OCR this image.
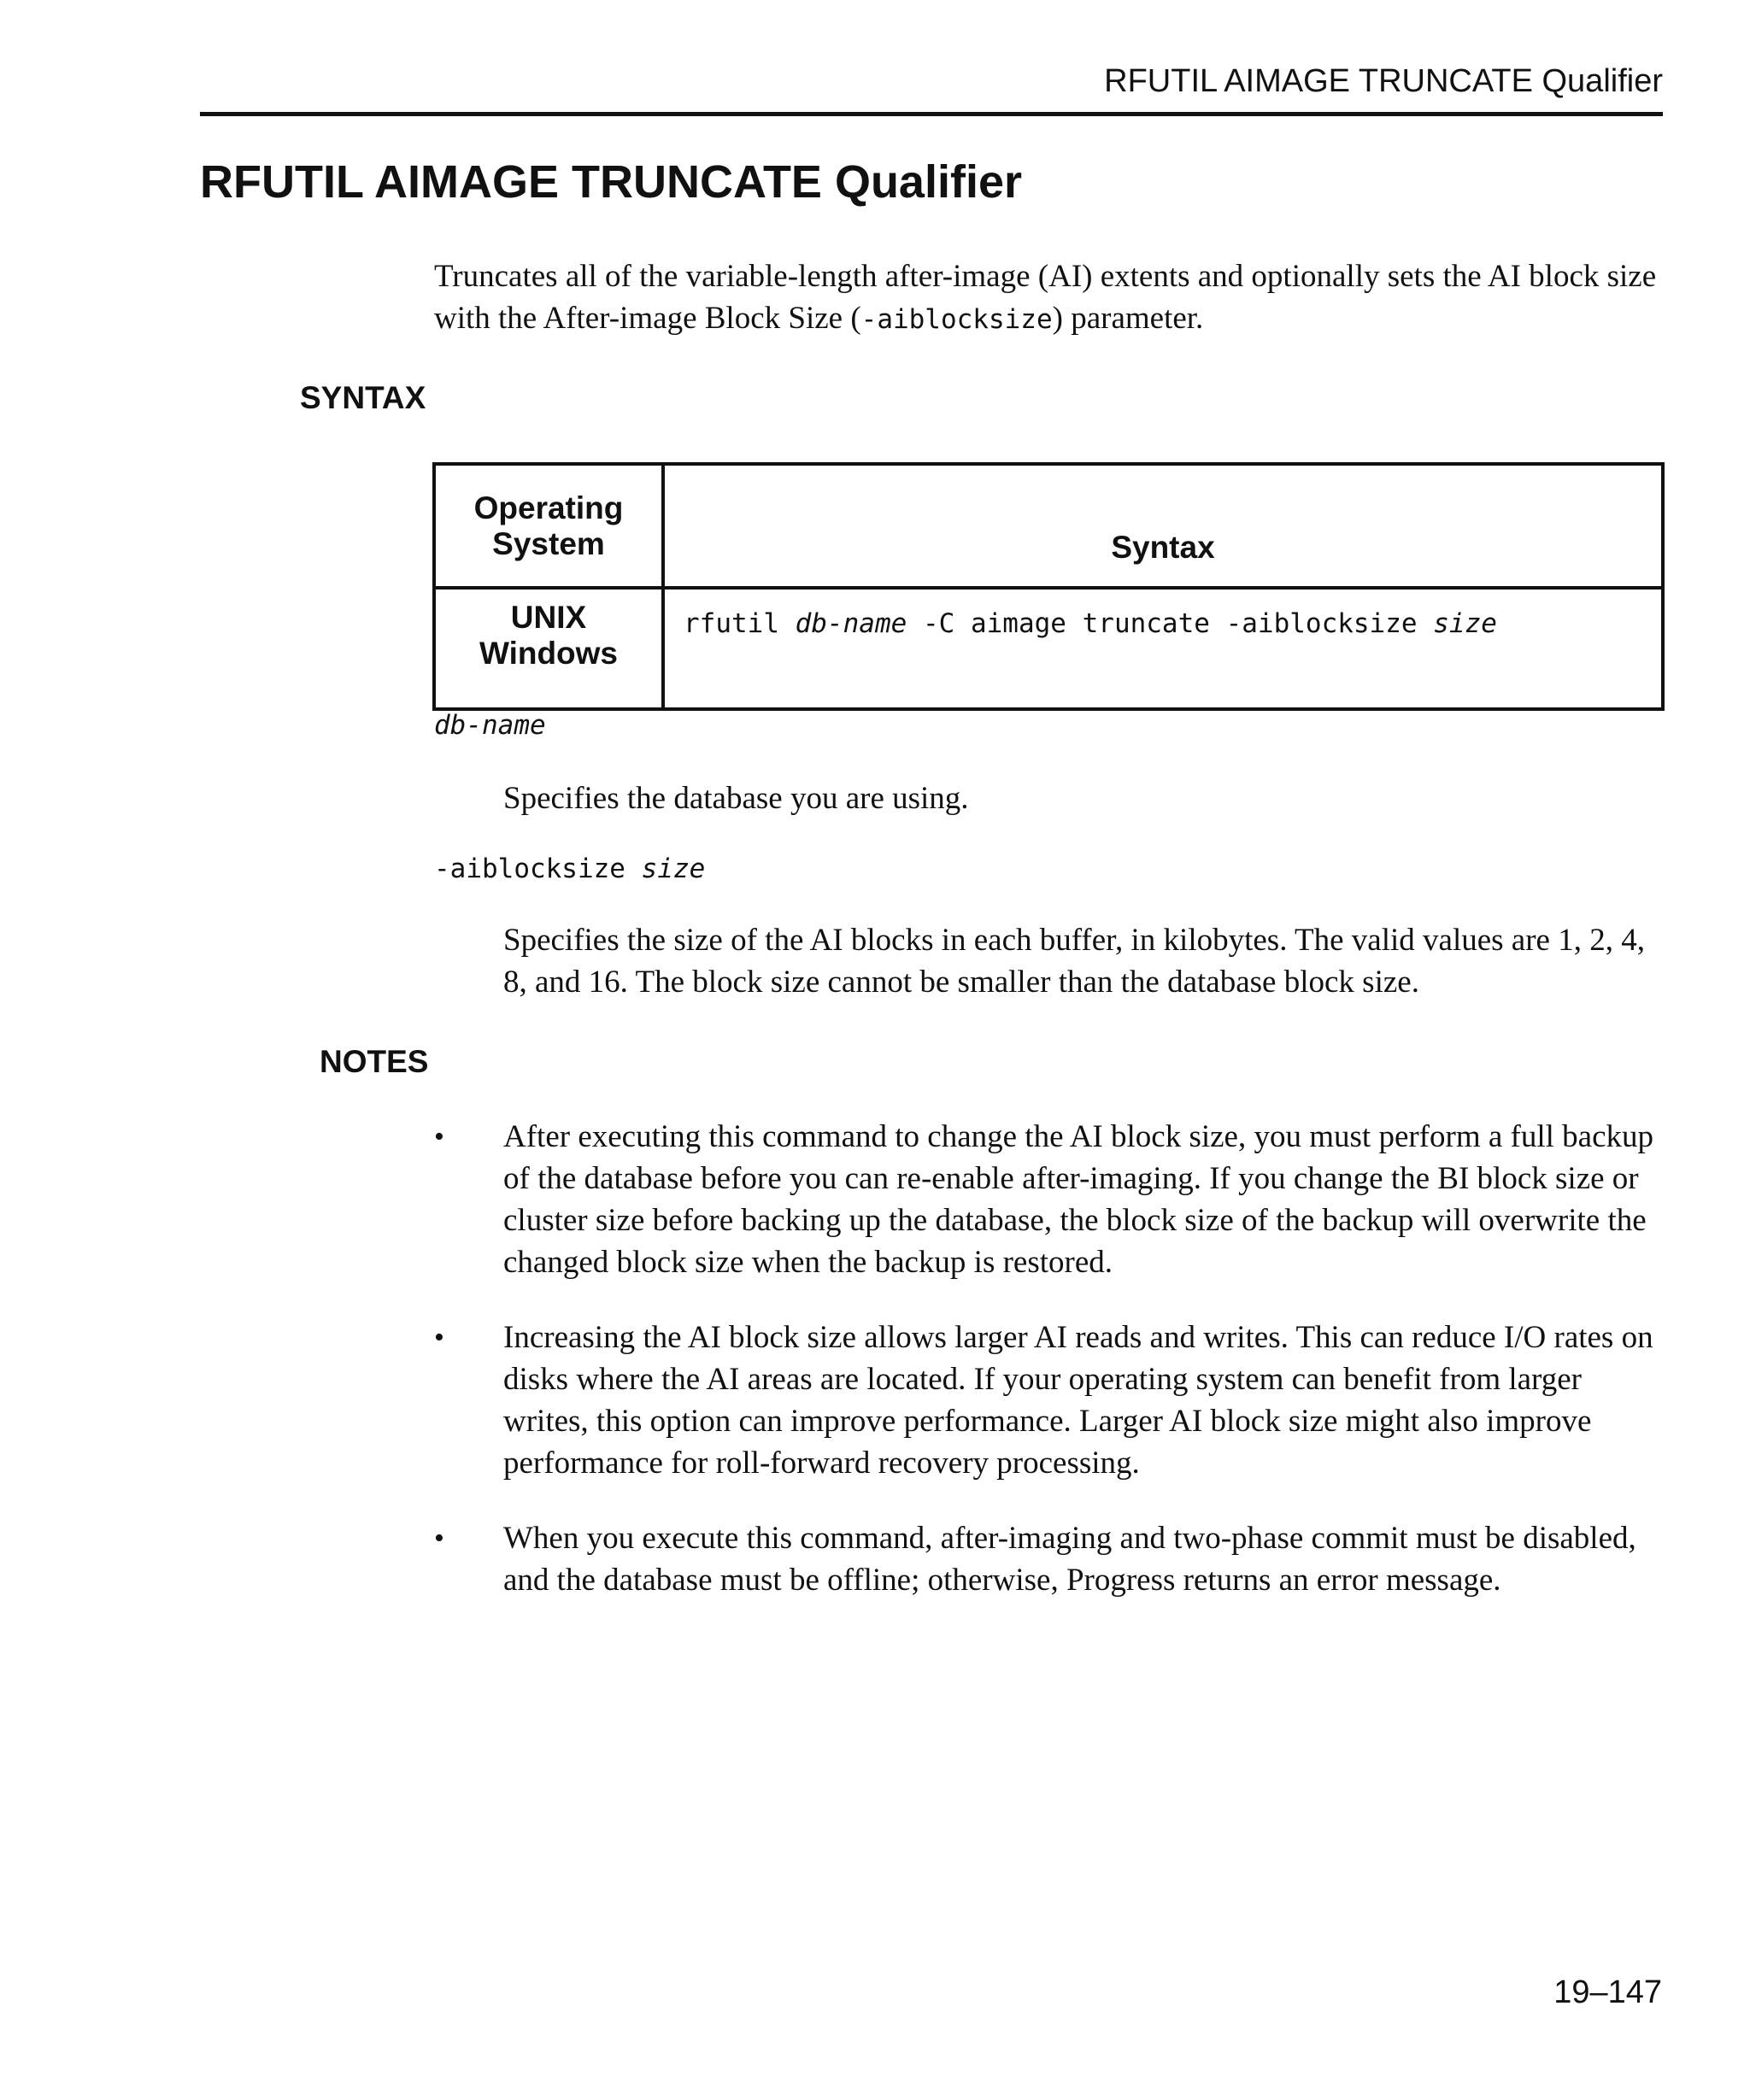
RFUTIL AIMAGE TRUNCATE Qualifier
RFUTIL AIMAGE TRUNCATE Qualifier

Truncates all of the variable-length after-image (AI) extents and optionally sets the AI block size with the After-image Block Size (-aiblocksize) parameter.

SYNTAX
Operating
System	Syntax

UNIX
Windows	rfutil db-name -C aimage truncate -aiblocksize size
db-name

Specifies the database you are using.

-aiblocksize size

Specifies the size of the AI blocks in each buffer, in kilobytes. The valid values are 1, 2, 4, 8, and 16. The block size cannot be smaller than the database block size.

NOTES
• After executing this command to change the AI block size, you must perform a full backup of the database before you can re-enable after-imaging. If you change the BI block size or cluster size before backing up the database, the block size of the backup will overwrite the changed block size when the backup is restored.
• Increasing the AI block size allows larger AI reads and writes. This can reduce I/O rates on disks where the AI areas are located. If your operating system can benefit from larger writes, this option can improve performance. Larger AI block size might also improve performance for roll-forward recovery processing.
• When you execute this command, after-imaging and two-phase commit must be disabled, and the database must be offline; otherwise, Progress returns an error message.
19–147
